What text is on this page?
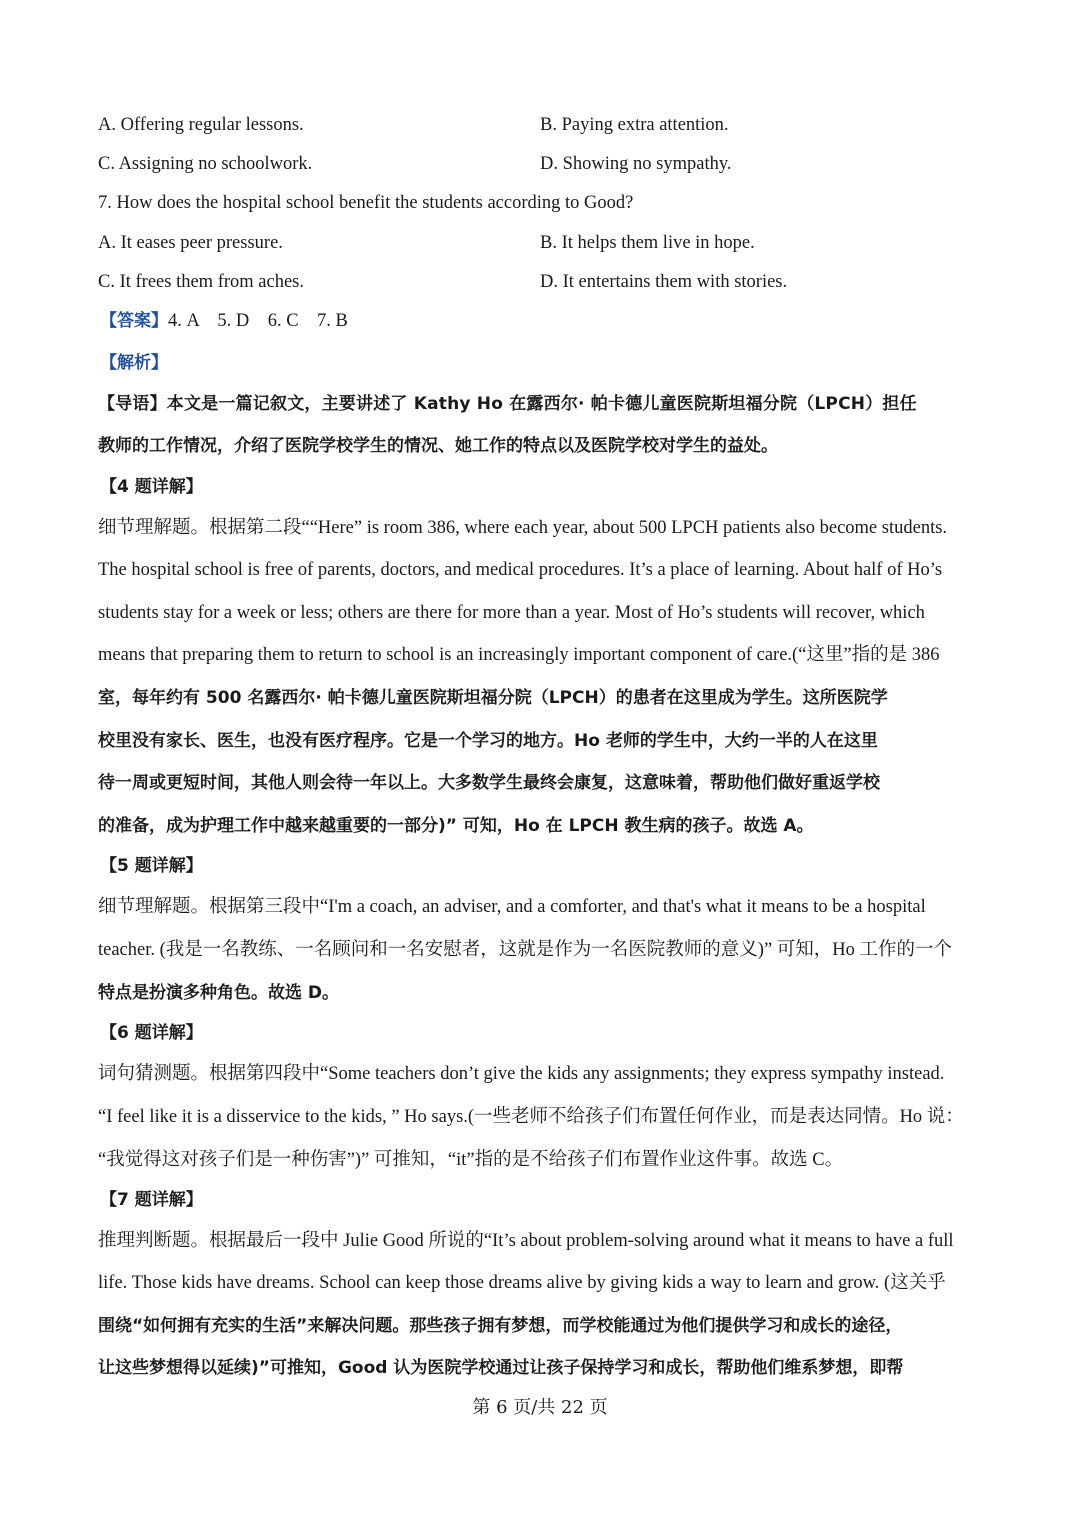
A. Offering regular lessons.	B. Paying extra attention.
C. Assigning no schoolwork.	D. Showing no sympathy.
7. How does the hospital school benefit the students according to Good?
A. It eases peer pressure.	B. It helps them live in hope.
C. It frees them from aches.	D. It entertains them with stories.
【答案】4. A    5. D    6. C    7. B
【解析】
【导语】本文是一篇记叙文，主要讲述了 Kathy Ho 在露西尔· 帕卡德儿童医院斯坦福分院（LPCH）担任
教师的工作情况，介绍了医院学校学生的情况、她工作的特点以及医院学校对学生的益处。
【4 题详解】
细节理解题。根据第二段““Here” is room 386, where each year, about 500 LPCH patients also become students.
The hospital school is free of parents, doctors, and medical procedures. It’s a place of learning. About half of Ho’s
students stay for a week or less; others are there for more than a year. Most of Ho’s students will recover, which
means that preparing them to return to school is an increasingly important component of care.(“这里”指的是 386
室，每年约有 500 名露西尔· 帕卡德儿童医院斯坦福分院（LPCH）的患者在这里成为学生。这所医院学
校里没有家长、医生，也没有医疗程序。它是一个学习的地方。Ho 老师的学生中，大约一半的人在这里
待一周或更短时间，其他人则会待一年以上。大多数学生最终会康复，这意味着，帮助他们做好重返学校
的准备，成为护理工作中越来越重要的一部分)” 可知，Ho 在 LPCH 教生病的孩子。故选 A。
【5 题详解】
细节理解题。根据第三段中“I'm a coach, an adviser, and a comforter, and that's what it means to be a hospital
teacher. (我是一名教练、一名顾问和一名安慰者，这就是作为一名医院教师的意义)” 可知，Ho 工作的一个
特点是扮演多种角色。故选 D。
【6 题详解】
词句猜测题。根据第四段中“Some teachers don’t give the kids any assignments; they express sympathy instead.
“I feel like it is a disservice to the kids, ” Ho says.(一些老师不给孩子们布置任何作业，而是表达同情。Ho 说：
“我觉得这对孩子们是一种伤害”)” 可推知，“it”指的是不给孩子们布置作业这件事。故选 C。
【7 题详解】
推理判断题。根据最后一段中 Julie Good 所说的“It’s about problem-solving around what it means to have a full
life. Those kids have dreams. School can keep those dreams alive by giving kids a way to learn and grow. (这关乎
围绕“如何拥有充实的生活”来解决问题。那些孩子拥有梦想，而学校能通过为他们提供学习和成长的途径，
让这些梦想得以延续)”可推知，Good 认为医院学校通过让孩子保持学习和成长，帮助他们维系梦想，即帮
第 6 页/共 22 页
